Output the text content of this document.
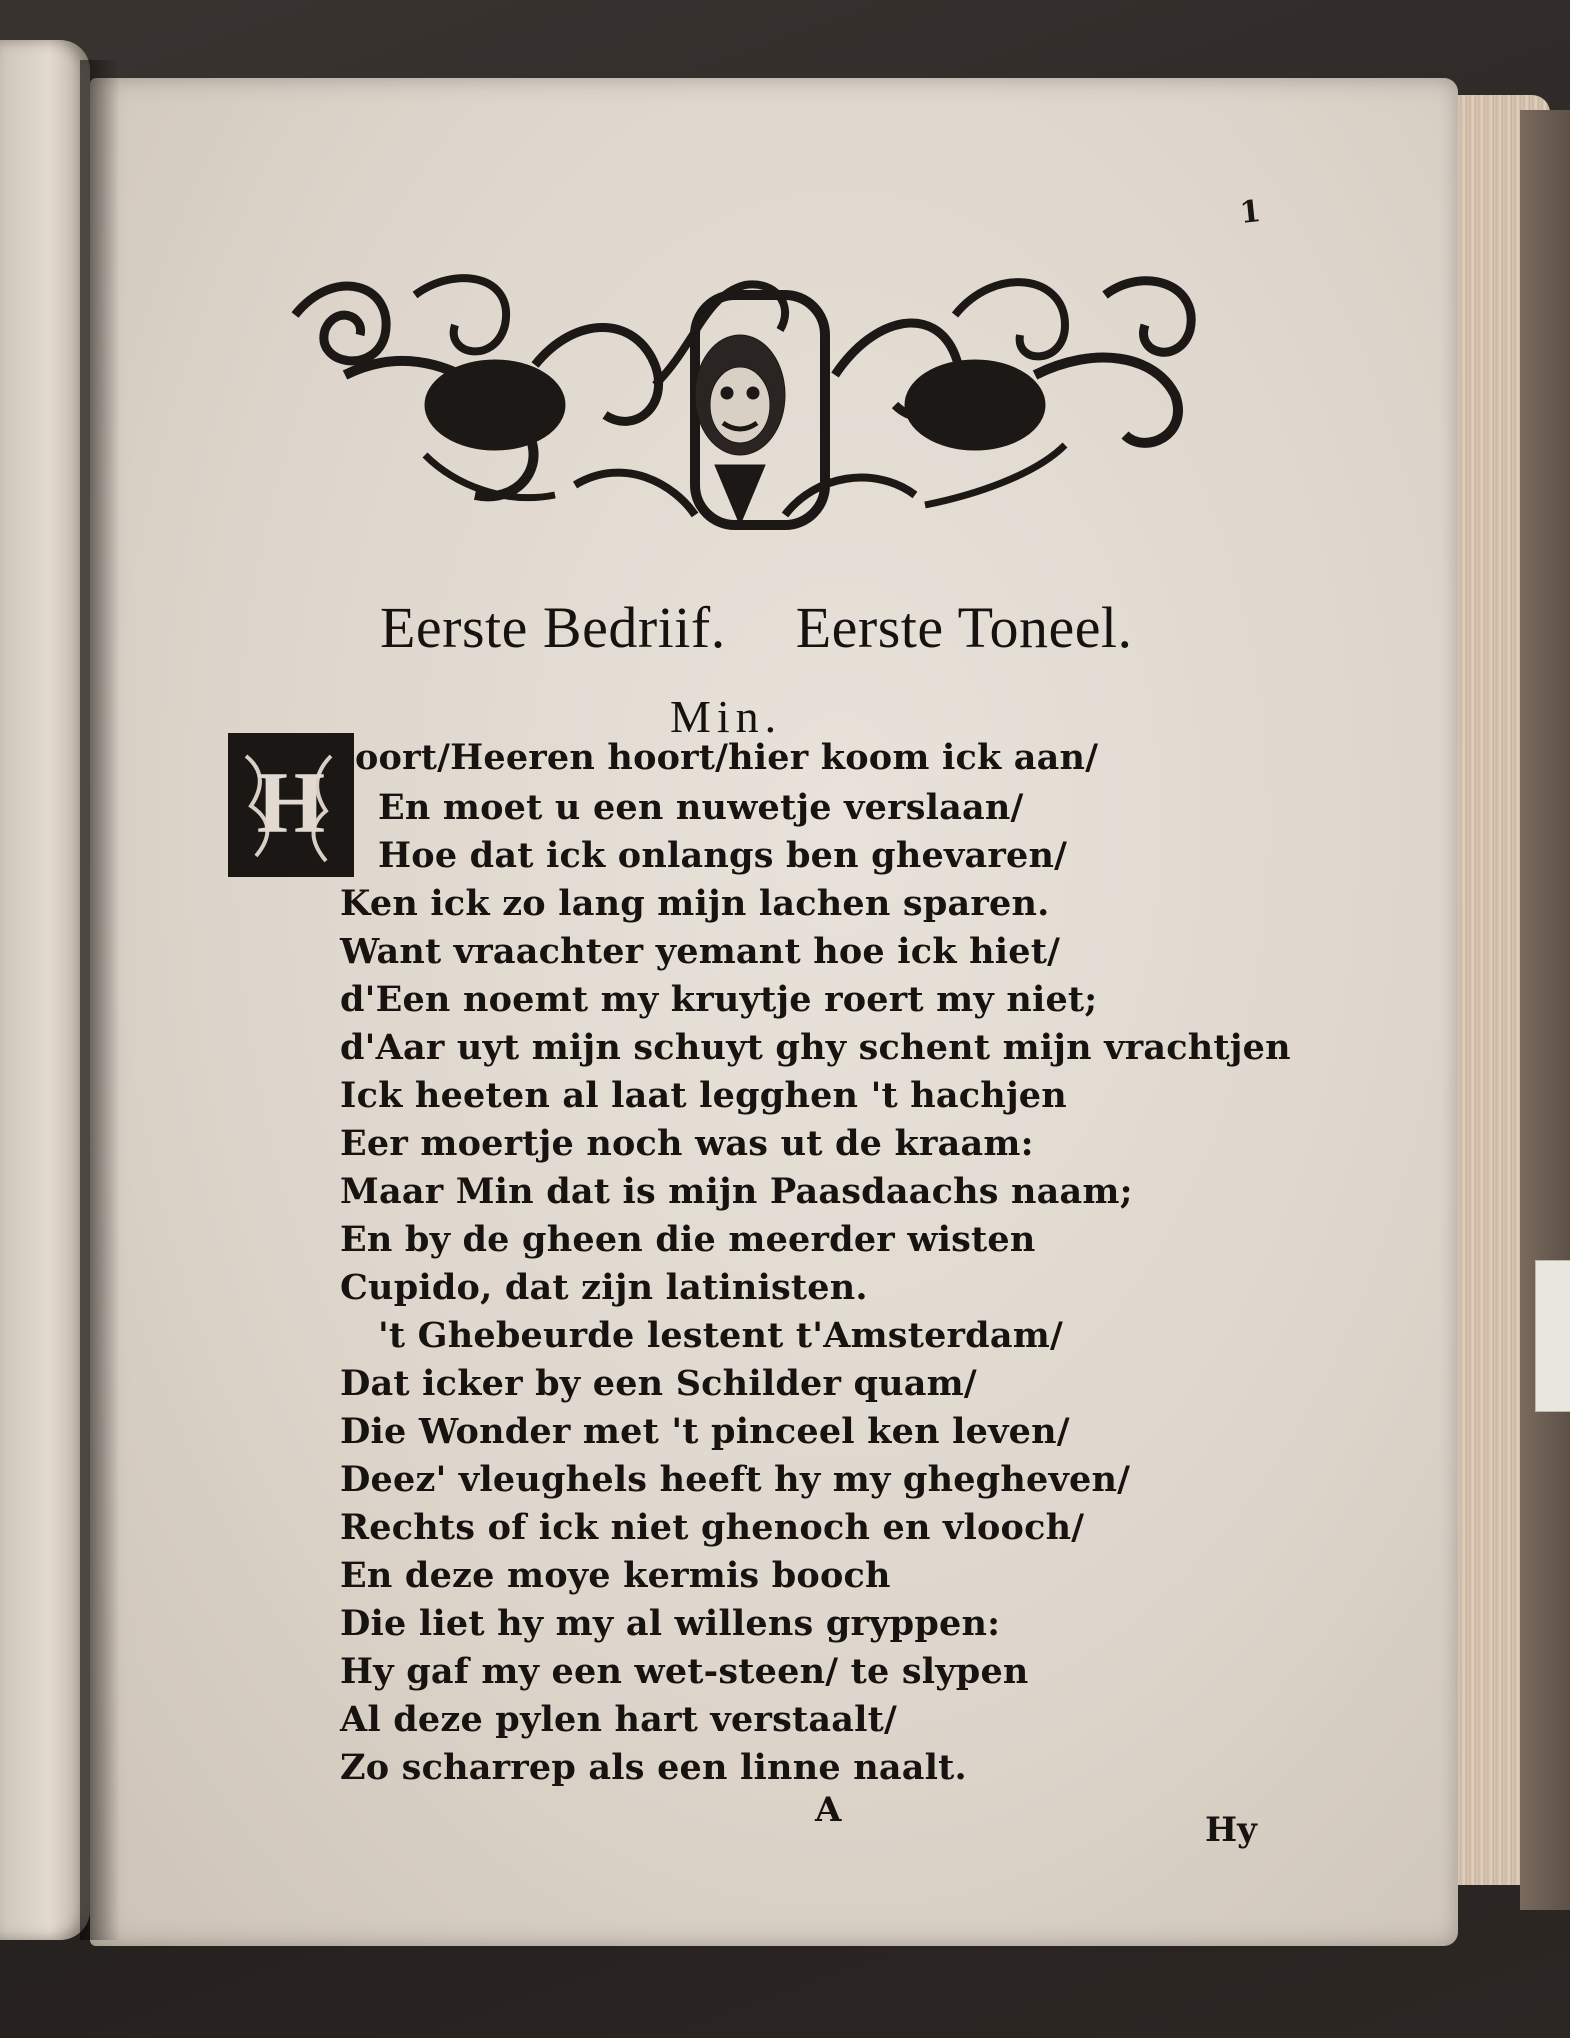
1
Eerste Bedriif. Eerste Toneel.
Min.
H oort/Heeren hoort/hier koom ick aan/
En moet u een nuwetje verslaan/
Hoe dat ick onlangs ben ghevaren/
Ken ick zo lang mijn lachen sparen.
Want vraachter yemant hoe ick hiet/
d'Een noemt my kruytje roert my niet;
d'Aar uyt mijn schuyt ghy schent mijn vrachtjen
Ick heeten al laat legghen 't hachjen
Eer moertje noch was ut de kraam:
Maar Min dat is mijn Paasdaachs naam;
En by de gheen die meerder wisten
Cupido, dat zijn latinisten.
't Ghebeurde lestent t'Amsterdam/
Dat icker by een Schilder quam/
Die Wonder met 't pinceel ken leven/
Deez' vleughels heeft hy my ghegheven/
Rechts of ick niet ghenoch en vlooch/
En deze moye kermis booch
Die liet hy my al willens gryppen:
Hy gaf my een wet-steen/ te slypen
Al deze pylen hart verstaalt/
Zo scharrep als een linne naalt.
A	Hy
